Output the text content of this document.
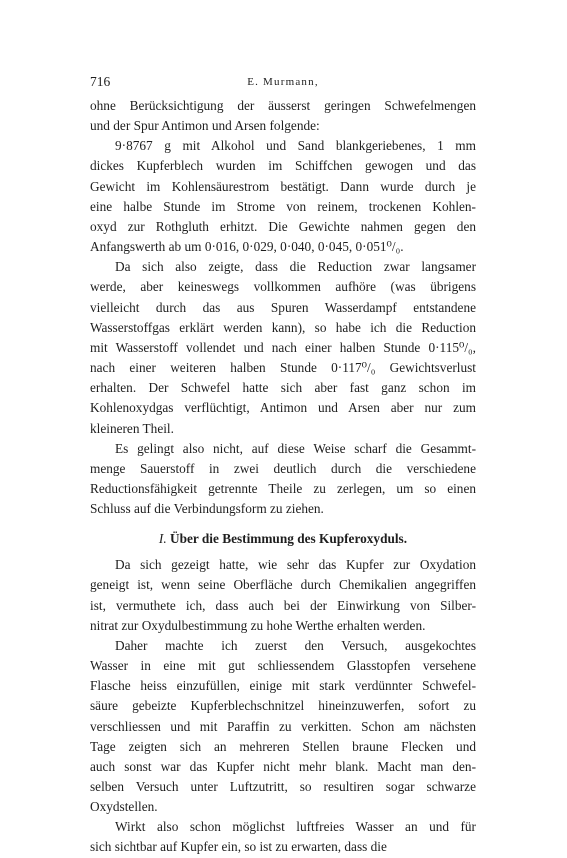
716	E. Murmann,

ohne Berücksichtigung der äusserst geringen Schwefelmengen

und der Spur Antimon und Arsen folgende:

9·8767 g mit Alkohol und Sand blankgeriebenes, 1 mm

dickes Kupferblech wurden im Schiffchen gewogen und das

Gewicht im Kohlensäurestrom bestätigt. Dann wurde durch je

eine halbe Stunde im Strome von reinem, trockenen Kohlen-

oxyd zur Rothgluth erhitzt. Die Gewichte nahmen gegen den

Anfangswerth ab um 0·016, 0·029, 0·040, 0·045, 0·051⁰/₀.

Da sich also zeigte, dass die Reduction zwar langsamer

werde, aber keineswegs vollkommen aufhöre (was übrigens

vielleicht durch das aus Spuren Wasserdampf entstandene

Wasserstoffgas erklärt werden kann), so habe ich die Reduction

mit Wasserstoff vollendet und nach einer halben Stunde 0·115⁰/₀,

nach einer weiteren halben Stunde 0·117⁰/₀ Gewichtsverlust

erhalten. Der Schwefel hatte sich aber fast ganz schon im

Kohlenoxydgas verflüchtigt, Antimon und Arsen aber nur zum

kleineren Theil.

Es gelingt also nicht, auf diese Weise scharf die Gesammt-

menge Sauerstoff in zwei deutlich durch die verschiedene

Reductionsfähigkeit getrennte Theile zu zerlegen, um so einen

Schluss auf die Verbindungsform zu ziehen.

I. Über die Bestimmung des Kupferoxyduls.

Da sich gezeigt hatte, wie sehr das Kupfer zur Oxydation

geneigt ist, wenn seine Oberfläche durch Chemikalien angegriffen

ist, vermuthete ich, dass auch bei der Einwirkung von Silber-

nitrat zur Oxydulbestimmung zu hohe Werthe erhalten werden.

Daher machte ich zuerst den Versuch, ausgekochtes

Wasser in eine mit gut schliessendem Glasstopfen versehene

Flasche heiss einzufüllen, einige mit stark verdünnter Schwefel-

säure gebeizte Kupferblechschnitzel hineinzuwerfen, sofort zu

verschliessen und mit Paraffin zu verkitten. Schon am nächsten

Tage zeigten sich an mehreren Stellen braune Flecken und

auch sonst war das Kupfer nicht mehr blank. Macht man den-

selben Versuch unter Luftzutritt, so resultiren sogar schwarze

Oxydstellen.

Wirkt also schon möglichst luftfreies Wasser an und für

sich sichtbar auf Kupfer ein, so ist zu erwarten, dass die
